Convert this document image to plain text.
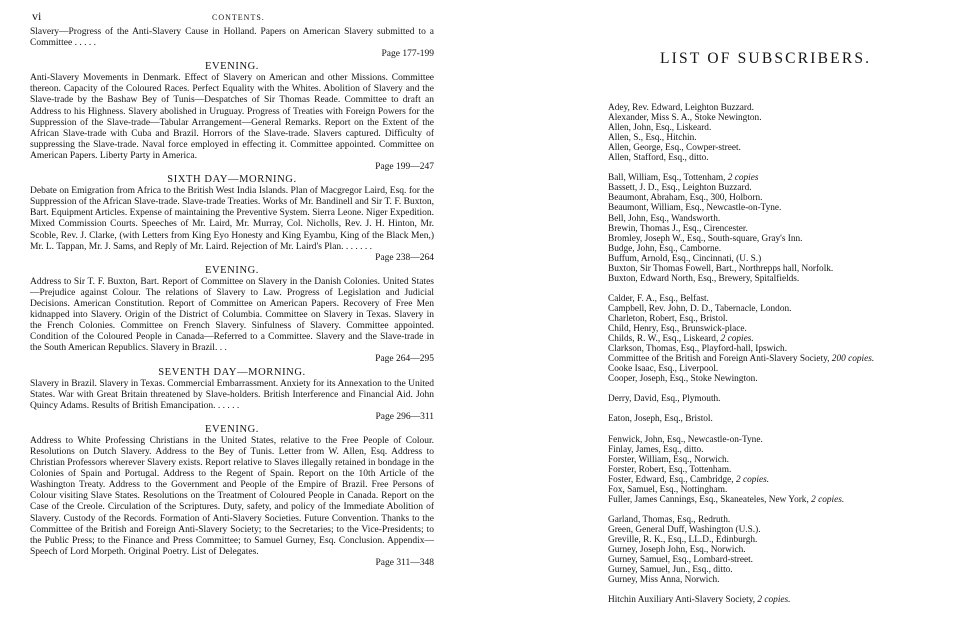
vi	CONTENTS.

Slavery—Progress of the Anti-Slavery Cause in Holland. Papers on American Slavery submitted to a Committee . . . . .

Page 177-199

EVENING.

Anti-Slavery Movements in Denmark. Effect of Slavery on American and other Missions. Committee thereon. Capacity of the Coloured Races. Perfect Equality with the Whites. Abolition of Slavery and the Slave-trade by the Bashaw Bey of Tunis—Despatches of Sir Thomas Reade. Committee to draft an Address to his Highness. Slavery abolished in Uruguay. Progress of Treaties with Foreign Powers for the Suppression of the Slave-trade—Tabular Arrangement—General Remarks. Report on the Extent of the African Slave-trade with Cuba and Brazil. Horrors of the Slave-trade. Slavers captured. Difficulty of suppressing the Slave-trade. Naval force employed in effecting it. Committee appointed. Committee on American Papers. Liberty Party in America.

Page 199—247

SIXTH DAY—MORNING.

Debate on Emigration from Africa to the British West India Islands. Plan of Macgregor Laird, Esq. for the Suppression of the African Slave-trade. Slave-trade Treaties. Works of Mr. Bandinell and Sir T. F. Buxton, Bart. Equipment Articles. Expense of maintaining the Preventive System. Sierra Leone. Niger Expedition. Mixed Commission Courts. Speeches of Mr. Laird, Mr. Murray, Col. Nicholls, Rev. J. H. Hinton, Mr. Scoble, Rev. J. Clarke, (with Letters from King Eyo Honesty and King Eyambu, King of the Black Men,) Mr. L. Tappan, Mr. J. Sams, and Reply of Mr. Laird. Rejection of Mr. Laird's Plan. . . . . . .

Page 238—264

EVENING.

Address to Sir T. F. Buxton, Bart. Report of Committee on Slavery in the Danish Colonies. United States—Prejudice against Colour. The relations of Slavery to Law. Progress of Legislation and Judicial Decisions. American Constitution. Report of Committee on American Papers. Recovery of Free Men kidnapped into Slavery. Origin of the District of Columbia. Committee on Slavery in Texas. Slavery in the French Colonies. Committee on French Slavery. Sinfulness of Slavery. Committee appointed. Condition of the Coloured People in Canada—Referred to a Committee. Slavery and the Slave-trade in the South American Republics. Slavery in Brazil. . .

Page 264—295

SEVENTH DAY—MORNING.

Slavery in Brazil. Slavery in Texas. Commercial Embarrassment. Anxiety for its Annexation to the United States. War with Great Britain threatened by Slave-holders. British Interference and Financial Aid. John Quincy Adams. Results of British Emancipation. . . . . .

Page 296—311

EVENING.

Address to White Professing Christians in the United States, relative to the Free People of Colour. Resolutions on Dutch Slavery. Address to the Bey of Tunis. Letter from W. Allen, Esq. Address to Christian Professors wherever Slavery exists. Report relative to Slaves illegally retained in bondage in the Colonies of Spain and Portugal. Address to the Regent of Spain. Report on the 10th Article of the Washington Treaty. Address to the Government and People of the Empire of Brazil. Free Persons of Colour visiting Slave States. Resolutions on the Treatment of Coloured People in Canada. Report on the Case of the Creole. Circulation of the Scriptures. Duty, safety, and policy of the Immediate Abolition of Slavery. Custody of the Records. Formation of Anti-Slavery Societies. Future Convention. Thanks to the Committee of the British and Foreign Anti-Slavery Society; to the Secretaries; to the Vice-Presidents; to the Public Press; to the Finance and Press Committee; to Samuel Gurney, Esq. Conclusion. Appendix—Speech of Lord Morpeth. Original Poetry. List of Delegates.

Page 311—348

LIST OF SUBSCRIBERS.
Adey, Rev. Edward, Leighton Buzzard.
Alexander, Miss S. A., Stoke Newington.
Allen, John, Esq., Liskeard.
Allen, S., Esq., Hitchin.
Allen, George, Esq., Cowper-street.
Allen, Stafford, Esq., ditto.
Ball, William, Esq., Tottenham, 2 copies
Bassett, J. D., Esq., Leighton Buzzard.
Beaumont, Abraham, Esq., 300, Holborn.
Beaumont, William, Esq., Newcastle-on-Tyne.
Bell, John, Esq., Wandsworth.
Brewin, Thomas J., Esq., Cirencester.
Bromley, Joseph W., Esq., South-square, Gray's Inn.
Budge, John, Esq., Camborne.
Buffum, Arnold, Esq., Cincinnati, (U. S.)
Buxton, Sir Thomas Fowell, Bart., Northrepps hall, Norfolk.
Buxton, Edward North, Esq., Brewery, Spitalfields.
Calder, F. A., Esq., Belfast.
Campbell, Rev. John, D. D., Tabernacle, London.
Charleton, Robert, Esq., Bristol.
Child, Henry, Esq., Brunswick-place.
Childs, R. W., Esq., Liskeard, 2 copies.
Clarkson, Thomas, Esq., Playford-hall, Ipswich.
Committee of the British and Foreign Anti-Slavery Society, 200 copies.
Cooke Isaac, Esq., Liverpool.
Cooper, Joseph, Esq., Stoke Newington.
Derry, David, Esq., Plymouth.
Eaton, Joseph, Esq., Bristol.
Fenwick, John, Esq., Newcastle-on-Tyne.
Finlay, James, Esq., ditto.
Forster, William, Esq., Norwich.
Forster, Robert, Esq., Tottenham.
Foster, Edward, Esq., Cambridge, 2 copies.
Fox, Samuel, Esq., Nottingham.
Fuller, James Cannings, Esq., Skaneateles, New York, 2 copies.
Garland, Thomas, Esq., Redruth.
Green, General Duff, Washington (U.S.).
Greville, R. K., Esq., LL.D., Edinburgh.
Gurney, Joseph John, Esq., Norwich.
Gurney, Samuel, Esq., Lombard-street.
Gurney, Samuel, Jun., Esq., ditto.
Gurney, Miss Anna, Norwich.
Hitchin Auxiliary Anti-Slavery Society, 2 copies.
